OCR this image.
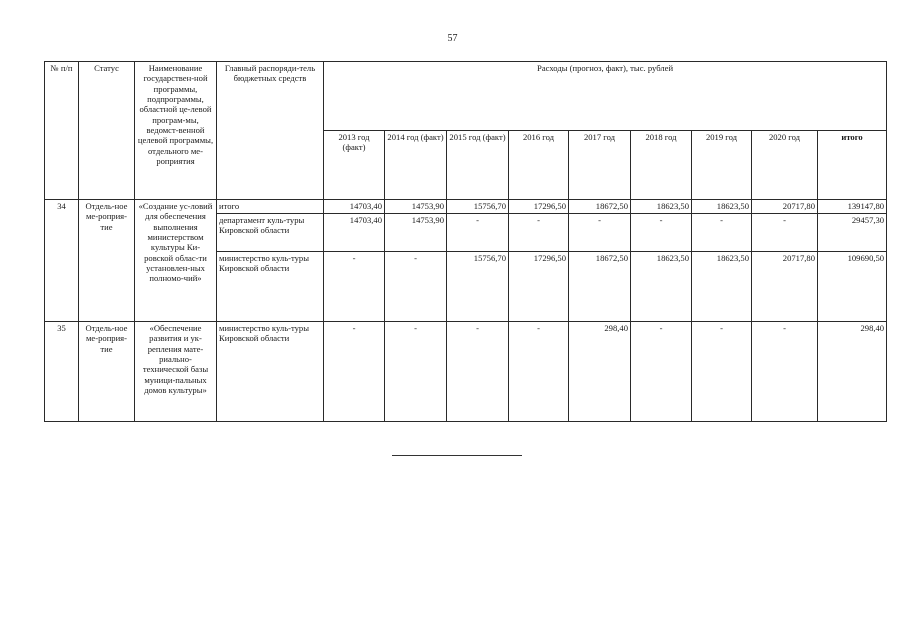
57
№ п/п	Статус	Наименование государствен-ной программы, подпрограммы, областной це-левой програм-мы, ведомст-венной целевой программы, отдельного ме-роприятия	Главный распоряди-тель бюджетных средств	Расходы (прогноз, факт), тыс. рублей								
				2013 год (факт)	2014 год (факт)	2015 год (факт)	2016 год	2017 год	2018 год	2019 год	2020 год	итого
34	Отдель-ное ме-роприя-тие	«Создание ус-ловий для обеспечения выполнения министерством культуры Ки-ровской облас-ти установлен-ных полномо-чий»	итого	14703,40	14753,90	15756,70	17296,50	18672,50	18623,50	18623,50	20717,80	139147,80
			департамент куль-туры Кировской области	14703,40	14753,90	-	-	-	-	-	-	29457,30
			министерство куль-туры Кировской области	-	-	15756,70	17296,50	18672,50	18623,50	18623,50	20717,80	109690,50
35	Отдель-ное ме-роприя-тие	«Обеспечение развития и ук-репления мате-риально-технической базы муници-пальных домов культуры»	министерство куль-туры Кировской области	-	-	-	-	298,40	-	-	-	298,40
